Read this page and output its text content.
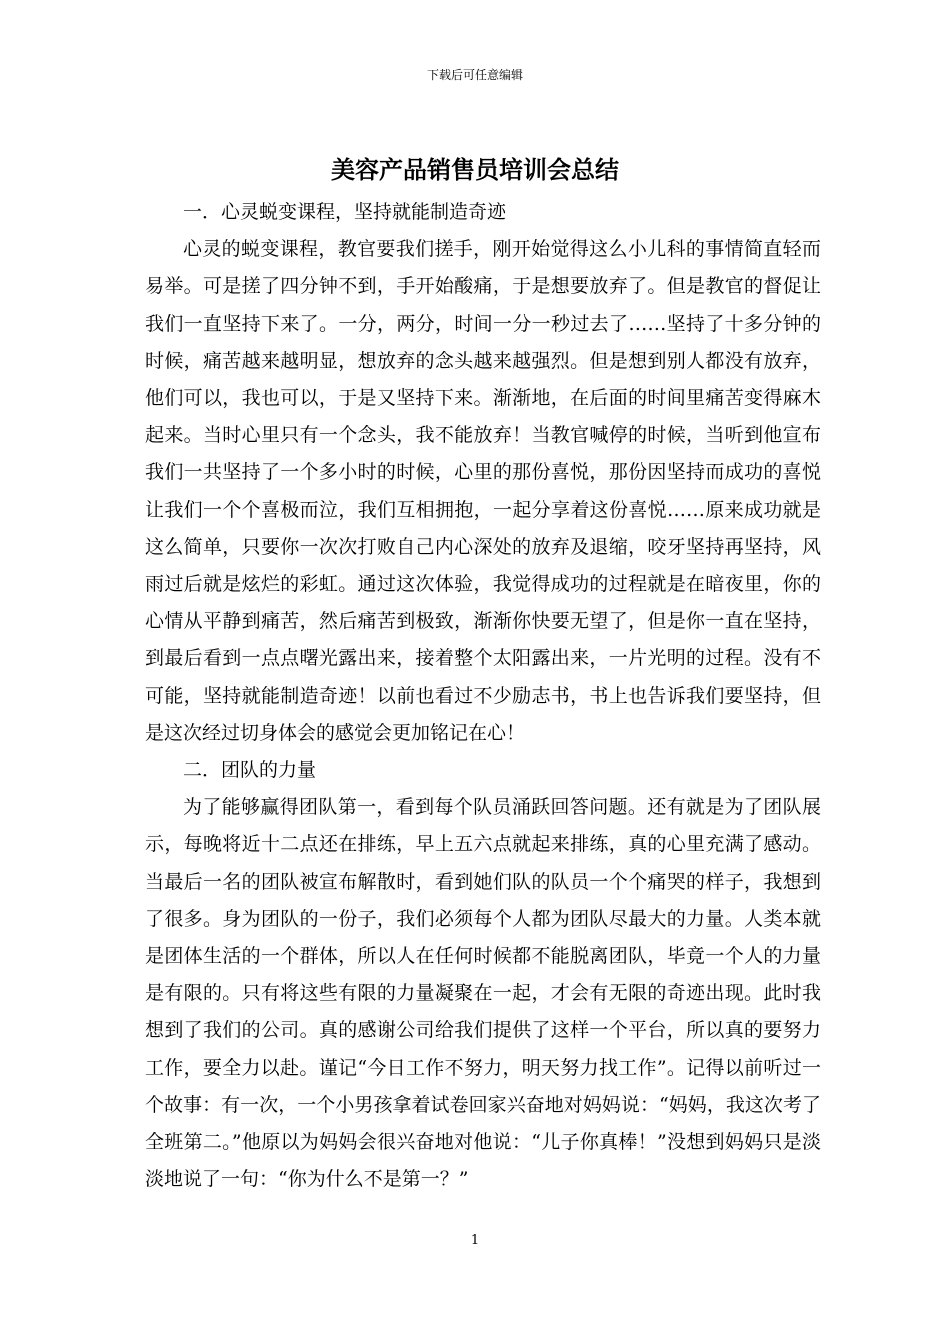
下载后可任意编辑
美容产品销售员培训会总结

一．心灵蜕变课程，坚持就能制造奇迹

心灵的蜕变课程，教官要我们搓手，刚开始觉得这么小儿科的事情简直轻而易举。可是搓了四分钟不到，手开始酸痛，于是想要放弃了。但是教官的督促让我们一直坚持下来了。一分，两分，时间一分一秒过去了……坚持了十多分钟的时候，痛苦越来越明显，想放弃的念头越来越强烈。但是想到别人都没有放弃，他们可以，我也可以，于是又坚持下来。渐渐地，在后面的时间里痛苦变得麻木起来。当时心里只有一个念头，我不能放弃！当教官喊停的时候，当听到他宣布我们一共坚持了一个多小时的时候，心里的那份喜悦，那份因坚持而成功的喜悦让我们一个个喜极而泣，我们互相拥抱，一起分享着这份喜悦……原来成功就是这么简单，只要你一次次打败自己内心深处的放弃及退缩，咬牙坚持再坚持，风雨过后就是炫烂的彩虹。通过这次体验，我觉得成功的过程就是在暗夜里，你的心情从平静到痛苦，然后痛苦到极致，渐渐你快要无望了，但是你一直在坚持，到最后看到一点点曙光露出来，接着整个太阳露出来，一片光明的过程。没有不可能，坚持就能制造奇迹！以前也看过不少励志书，书上也告诉我们要坚持，但是这次经过切身体会的感觉会更加铭记在心！

二．团队的力量

为了能够赢得团队第一，看到每个队员涌跃回答问题。还有就是为了团队展示，每晚将近十二点还在排练，早上五六点就起来排练，真的心里充满了感动。当最后一名的团队被宣布解散时，看到她们队的队员一个个痛哭的样子，我想到了很多。身为团队的一份子，我们必须每个人都为团队尽最大的力量。人类本就是团体生活的一个群体，所以人在任何时候都不能脱离团队，毕竟一个人的力量是有限的。只有将这些有限的力量凝聚在一起，才会有无限的奇迹出现。此时我想到了我们的公司。真的感谢公司给我们提供了这样一个平台，所以真的要努力工作，要全力以赴。谨记“今日工作不努力，明天努力找工作”。记得以前听过一个故事：有一次，一个小男孩拿着试卷回家兴奋地对妈妈说：“妈妈，我这次考了全班第二。”他原以为妈妈会很兴奋地对他说：“儿子你真棒！”没想到妈妈只是淡淡地说了一句：“你为什么不是第一？”

1
